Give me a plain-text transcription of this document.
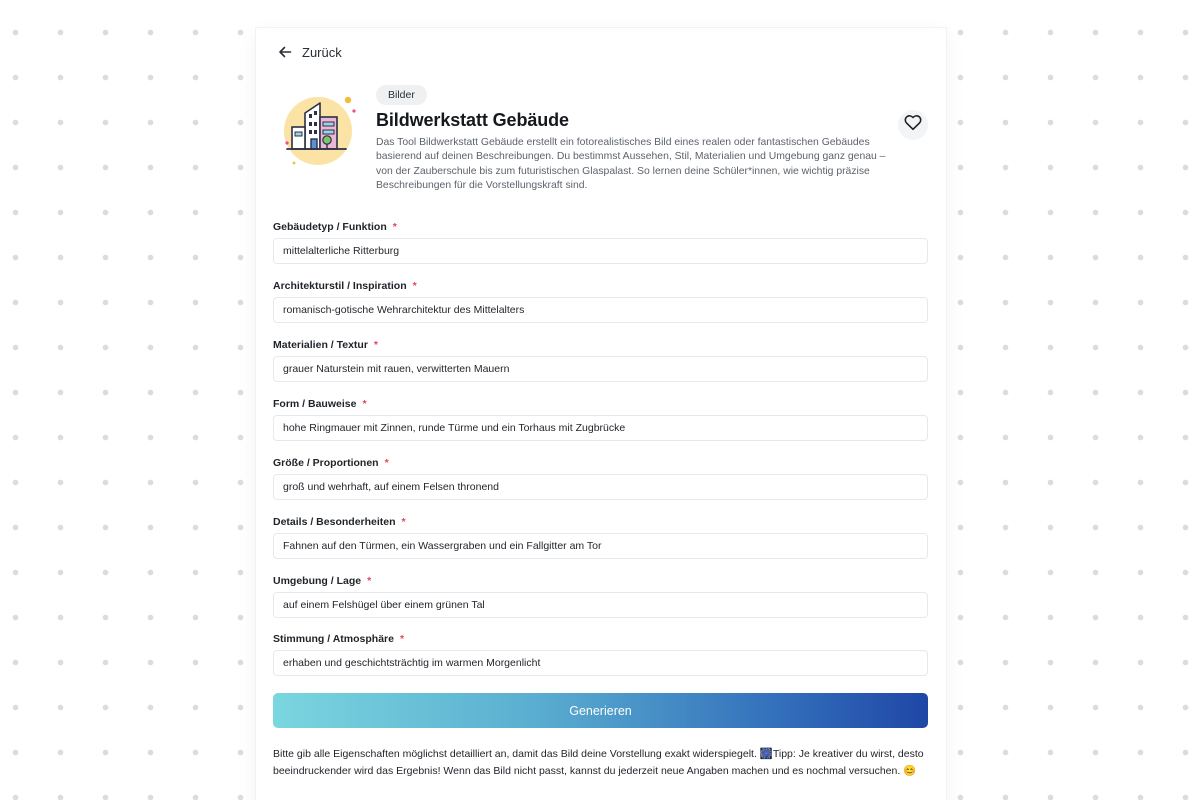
Zurück
Bilder
Bildwerkstatt Gebäude
Das Tool Bildwerkstatt Gebäude erstellt ein fotorealistisches Bild eines realen oder fantastischen Gebäudes basierend auf deinen Beschreibungen. Du bestimmst Aussehen, Stil, Materialien und Umgebung ganz genau – von der Zauberschule bis zum futuristischen Glaspalast. So lernen deine Schüler*innen, wie wichtig präzise Beschreibungen für die Vorstellungskraft sind.
Gebäudetyp / Funktion *
mittelalterliche Ritterburg
Architekturstil / Inspiration *
romanisch-gotische Wehrarchitektur des Mittelalters
Materialien / Textur *
grauer Naturstein mit rauen, verwitterten Mauern
Form / Bauweise *
hohe Ringmauer mit Zinnen, runde Türme und ein Torhaus mit Zugbrücke
Größe / Proportionen *
groß und wehrhaft, auf einem Felsen thronend
Details / Besonderheiten *
Fahnen auf den Türmen, ein Wassergraben und ein Fallgitter am Tor
Umgebung / Lage *
auf einem Felshügel über einem grünen Tal
Stimmung / Atmosphäre *
erhaben und geschichtsträchtig im warmen Morgenlicht
Generieren
Bitte gib alle Eigenschaften möglichst detailliert an, damit das Bild deine Vorstellung exakt widerspiegelt. 🎆Tipp: Je kreativer du wirst, desto beeindruckender wird das Ergebnis! Wenn das Bild nicht passt, kannst du jederzeit neue Angaben machen und es nochmal versuchen. 😊
